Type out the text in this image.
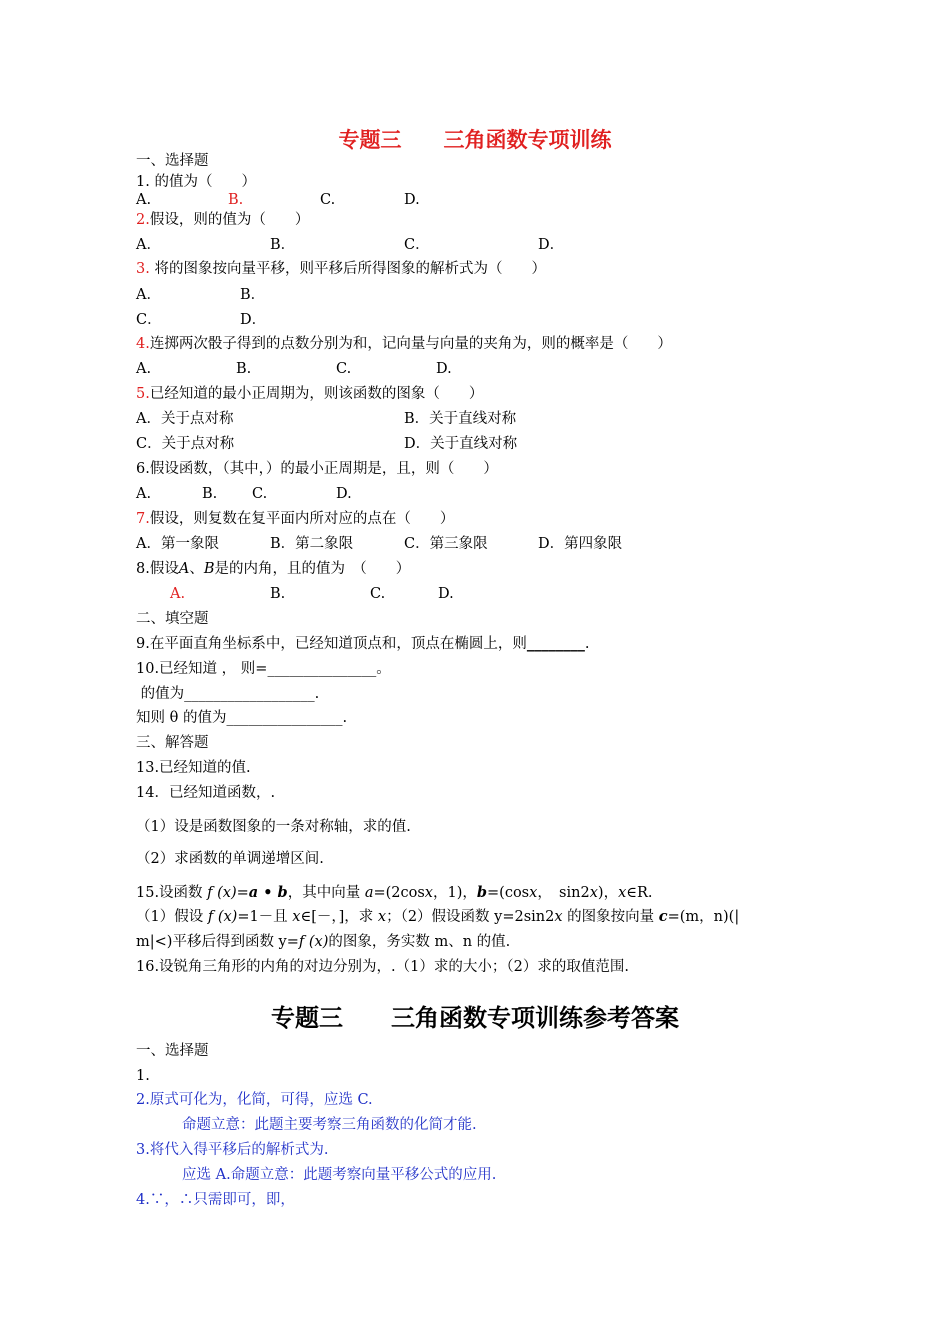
专题三　　三角函数专项训练
一、选择题
1. 的值为（　　）
A.	B.	C.	D.
2.假设，则的值为（　　）
A．	B．	C．	D．
3. 将的图象按向量平移，则平移后所得图象的解析式为（　　）
A．	B．
C．	D．
4.连掷两次骰子得到的点数分别为和，记向量与向量的夹角为，则的概率是（　　）
A.	B.	C.	D.
5.已经知道的最小正周期为，则该函数的图象（　　）
A．关于点对称	B．关于直线对称
C．关于点对称	D．关于直线对称
6.假设函数，（其中，）的最小正周期是，且，则（　　）
A.	B. C.	D.
7.假设，则复数在复平面内所对应的点在（　　）
A．第一象限	B．第二象限	C．第三象限	D．第四象限
8.假设A、B是的内角，且的值为　（　　）
A.	B.	C.	D.
二、填空题
9.在平面直角坐标系中，已经知道顶点和，顶点在椭圆上，则________.
10.已经知道 ， 则=_______________。
的值为__________________.
知则 θ 的值为________________.
三、解答题
13.已经知道的值.
14．已经知道函数，.
（1）设是函数图象的一条对称轴，求的值.
（2）求函数的单调递增区间.
15.设函数 f (x)=a • b，其中向量 a=(2cosx，1)，b=(cosx，　sin2x)，x∈R.
（1）假设 f (x)=1－且 x∈[－，]，求 x；（2）假设函数 y=2sin2x 的图象按向量 c=(m，n)(|
m|<)平移后得到函数 y=f (x)的图象，务实数 m、n 的值.
16.设锐角三角形的内角的对边分别为，.（1）求的大小；（2）求的取值范围.
专题三　　三角函数专项训练参考答案
一、选择题
1.
2.原式可化为，化简，可得，应选 C.
命题立意：此题主要考察三角函数的化简才能.
3.将代入得平移后的解析式为.
应选 A.命题立意：此题考察向量平移公式的应用.
4.∵，∴只需即可，即，
